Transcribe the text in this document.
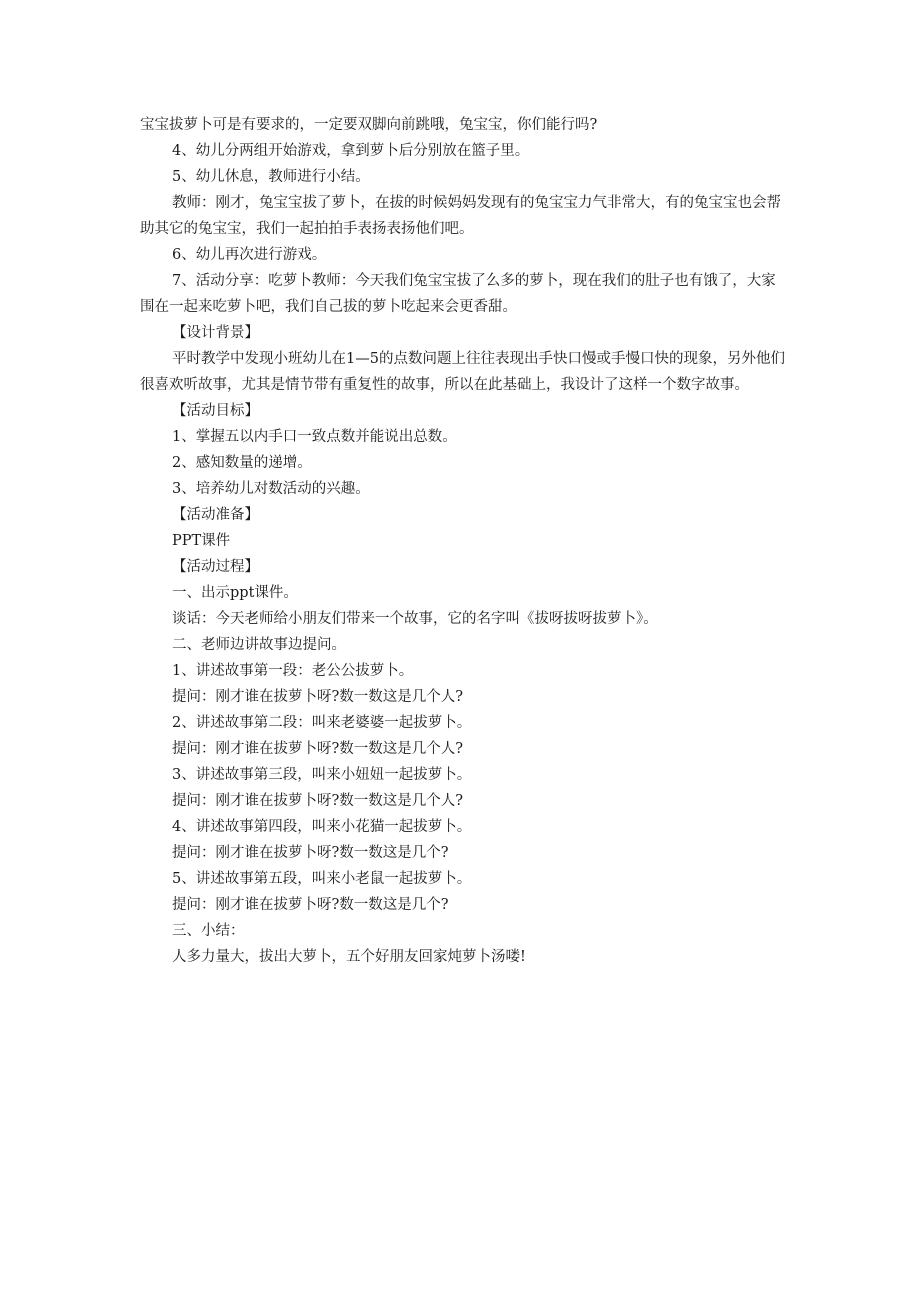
宝宝拔萝卜可是有要求的，一定要双脚向前跳哦，兔宝宝，你们能行吗?

4、幼儿分两组开始游戏，拿到萝卜后分别放在篮子里。

5、幼儿休息，教师进行小结。

教师：刚才，兔宝宝拔了萝卜，在拔的时候妈妈发现有的兔宝宝力气非常大，有的兔宝宝也会帮助其它的兔宝宝，我们一起拍拍手表扬表扬他们吧。

6、幼儿再次进行游戏。

7、活动分享：吃萝卜教师：今天我们兔宝宝拔了么多的萝卜，现在我们的肚子也有饿了，大家围在一起来吃萝卜吧，我们自己拔的萝卜吃起来会更香甜。

【设计背景】

平时教学中发现小班幼儿在1—5的点数问题上往往表现出手快口慢或手慢口快的现象，另外他们很喜欢听故事，尤其是情节带有重复性的故事，所以在此基础上，我设计了这样一个数字故事。

【活动目标】

1、掌握五以内手口一致点数并能说出总数。

2、感知数量的递增。

3、培养幼儿对数活动的兴趣。

【活动准备】

PPT课件

【活动过程】

一、出示ppt课件。

谈话：今天老师给小朋友们带来一个故事，它的名字叫《拔呀拔呀拔萝卜》。

二、老师边讲故事边提问。

1、讲述故事第一段：老公公拔萝卜。

提问：刚才谁在拔萝卜呀?数一数这是几个人?

2、讲述故事第二段：叫来老婆婆一起拔萝卜。

提问：刚才谁在拔萝卜呀?数一数这是几个人?

3、讲述故事第三段，叫来小妞妞一起拔萝卜。

提问：刚才谁在拔萝卜呀?数一数这是几个人?

4、讲述故事第四段，叫来小花猫一起拔萝卜。

提问：刚才谁在拔萝卜呀?数一数这是几个?

5、讲述故事第五段，叫来小老鼠一起拔萝卜。

提问：刚才谁在拔萝卜呀?数一数这是几个?

三、小结：

人多力量大，拔出大萝卜，五个好朋友回家炖萝卜汤喽!
